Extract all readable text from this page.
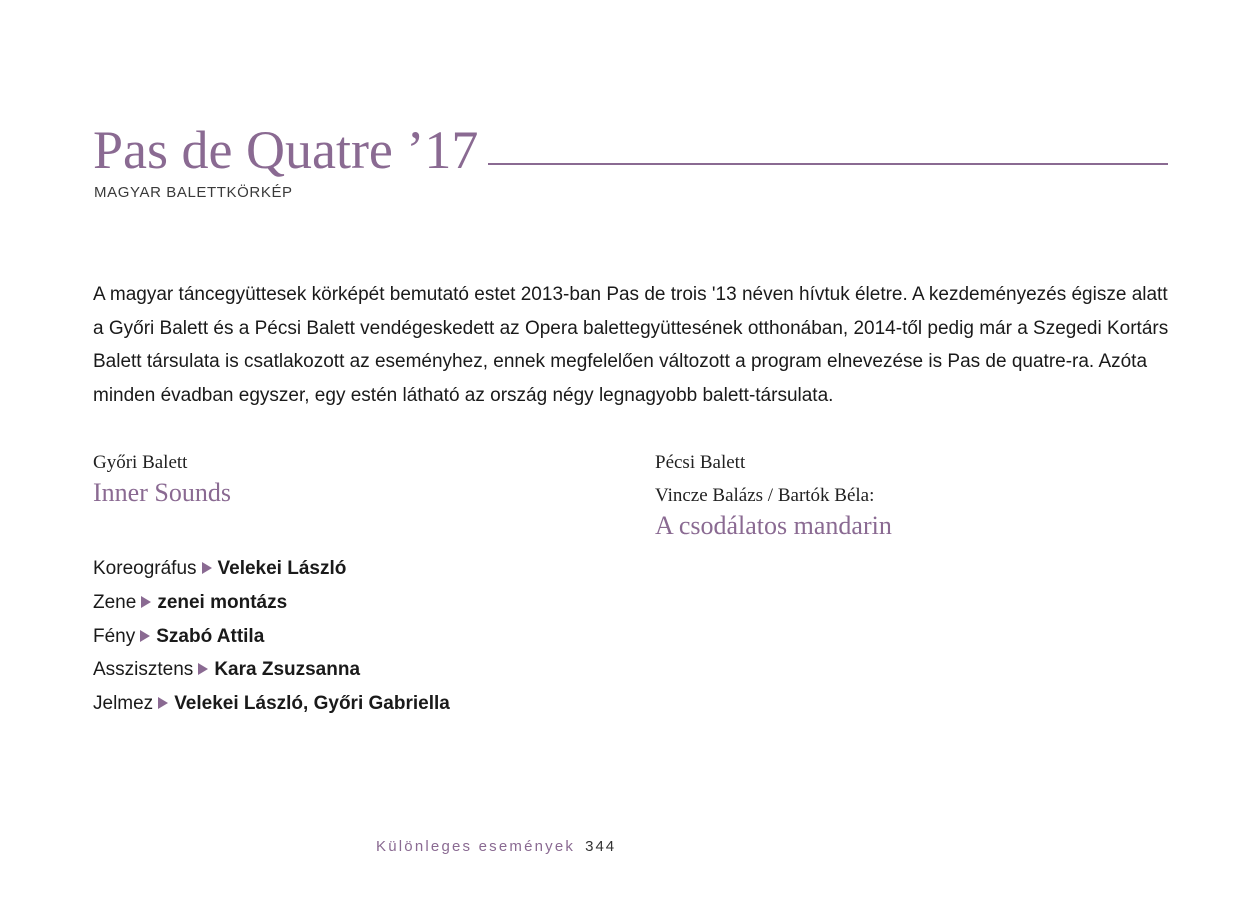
Pas de Quatre ’17
MAGYAR BALETTKÖRKÉP

A magyar táncegyüttesek körképét bemutató estet 2013-ban Pas de trois '13 néven hívtuk életre. A kezdeményezés égisze alatt a Győri Balett és a Pécsi Balett vendégeskedett az Opera balettegyüttesének otthonában, 2014-től pedig már a Szegedi Kortárs Balett társulata is csatlakozott az eseményhez, ennek megfelelően változott a program elnevezése is Pas de quatre-ra. Azóta minden évadban egyszer, egy estén látható az ország négy legnagyobb balett-társulata.

Győri Balett
Inner Sounds
Koreográfus Velekei László
Zene zenei montázs
Fény Szabó Attila
Asszisztens Kara Zsuzsanna
Jelmez Velekei László, Győri Gabriella
Pécsi Balett
Vincze Balázs / Bartók Béla:
A csodálatos mandarin
Különleges események 344
